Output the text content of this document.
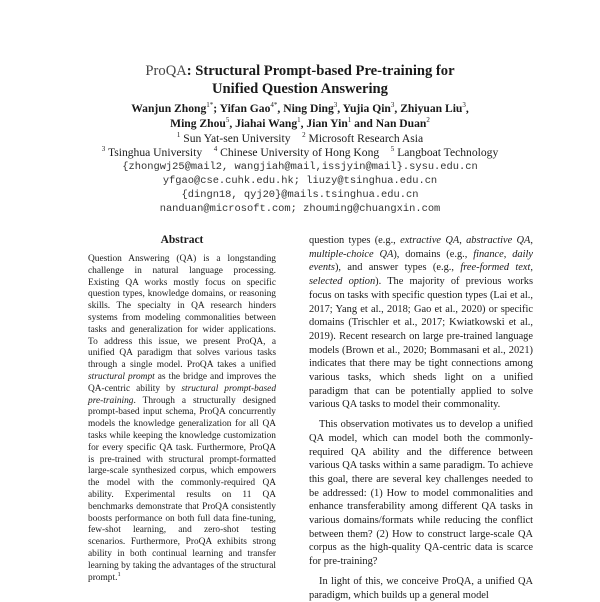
ProQA: Structural Prompt-based Pre-training for
Unified Question Answering
Wanjun Zhong$^{1*}$; Yifan Gao$^{4*}$, Ning Ding$^3$, Yujia Qin$^3$, Zhiyuan Liu$^3$,
Ming Zhou$^5$, Jiahai Wang$^1$, Jian Yin$^1$ and Nan Duan$^2$
$^1$ Sun Yat-sen University $^2$ Microsoft Research Asia
$^3$ Tsinghua University $^4$ Chinese University of Hong Kong $^5$ Langboat Technology
{zhongwj25@mail2, wangjiah@mail,issjyin@mail}.sysu.edu.cn
yfgao@cse.cuhk.edu.hk; liuzy@tsinghua.edu.cn
{dingn18, qyj20}@mails.tsinghua.edu.cn
nanduan@microsoft.com; zhouming@chuangxin.com
Abstract
Question Answering (QA) is a longstanding challenge in natural language processing. Existing QA works mostly focus on specific question types, knowledge domains, or reasoning skills. The specialty in QA research hinders systems from modeling commonalities between tasks and generalization for wider applications. To address this issue, we present ProQA, a unified QA paradigm that solves various tasks through a single model. ProQA takes a unified structural prompt as the bridge and improves the QA-centric ability by structural prompt-based pre-training. Through a structurally designed prompt-based input schema, ProQA concurrently models the knowledge generalization for all QA tasks while keeping the knowledge customization for every specific QA task. Furthermore, ProQA is pre-trained with structural prompt-formatted large-scale synthesized corpus, which empowers the model with the commonly-required QA ability. Experimental results on 11 QA benchmarks demonstrate that ProQA consistently boosts performance on both full data fine-tuning, few-shot learning, and zero-shot testing scenarios. Furthermore, ProQA exhibits strong ability in both continual learning and transfer learning by taking the advantages of the structural prompt.$^1$

question types (e.g., extractive QA, abstractive QA, multiple-choice QA), domains (e.g., finance, daily events), and answer types (e.g., free-formed text, selected option). The majority of previous works focus on tasks with specific question types (Lai et al., 2017; Yang et al., 2018; Gao et al., 2020) or specific domains (Trischler et al., 2017; Kwiatkowski et al., 2019). Recent research on large pre-trained language models (Brown et al., 2020; Bommasani et al., 2021) indicates that there may be tight connections among various tasks, which sheds light on a unified paradigm that can be potentially applied to solve various QA tasks to model their commonality.

This observation motivates us to develop a unified QA model, which can model both the commonly-required QA ability and the difference between various QA tasks within a same paradigm. To achieve this goal, there are several key challenges needed to be addressed: (1) How to model commonalities and enhance transferability among different QA tasks in various domains/formats while reducing the conflict between them? (2) How to construct large-scale QA corpus as the high-quality QA-centric data is scarce for pre-training?

In light of this, we conceive ProQA, a unified QA paradigm, which builds up a general model
